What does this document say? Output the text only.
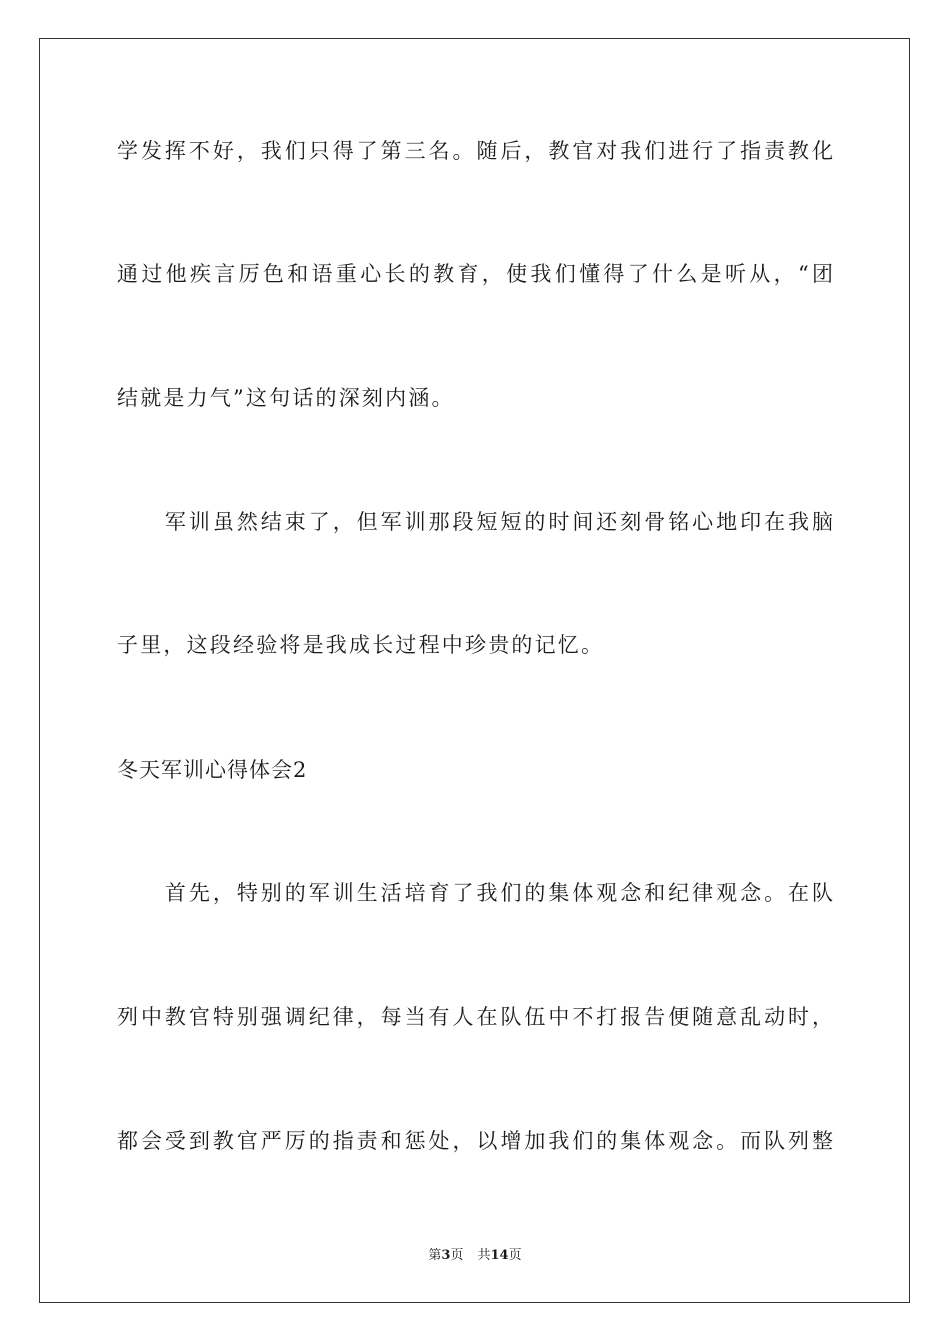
学发挥不好，我们只得了第三名。随后，教官对我们进行了指责教化
通过他疾言厉色和语重心长的教育，使我们懂得了什么是听从，“团
结就是力气”这句话的深刻内涵。
　　军训虽然结束了，但军训那段短短的时间还刻骨铭心地印在我脑
子里，这段经验将是我成长过程中珍贵的记忆。
冬天军训心得体会2
　　首先，特别的军训生活培育了我们的集体观念和纪律观念。在队
列中教官特别强调纪律，每当有人在队伍中不打报告便随意乱动时，
都会受到教官严厉的指责和惩处，以增加我们的集体观念。而队列整
第3页 共14页
